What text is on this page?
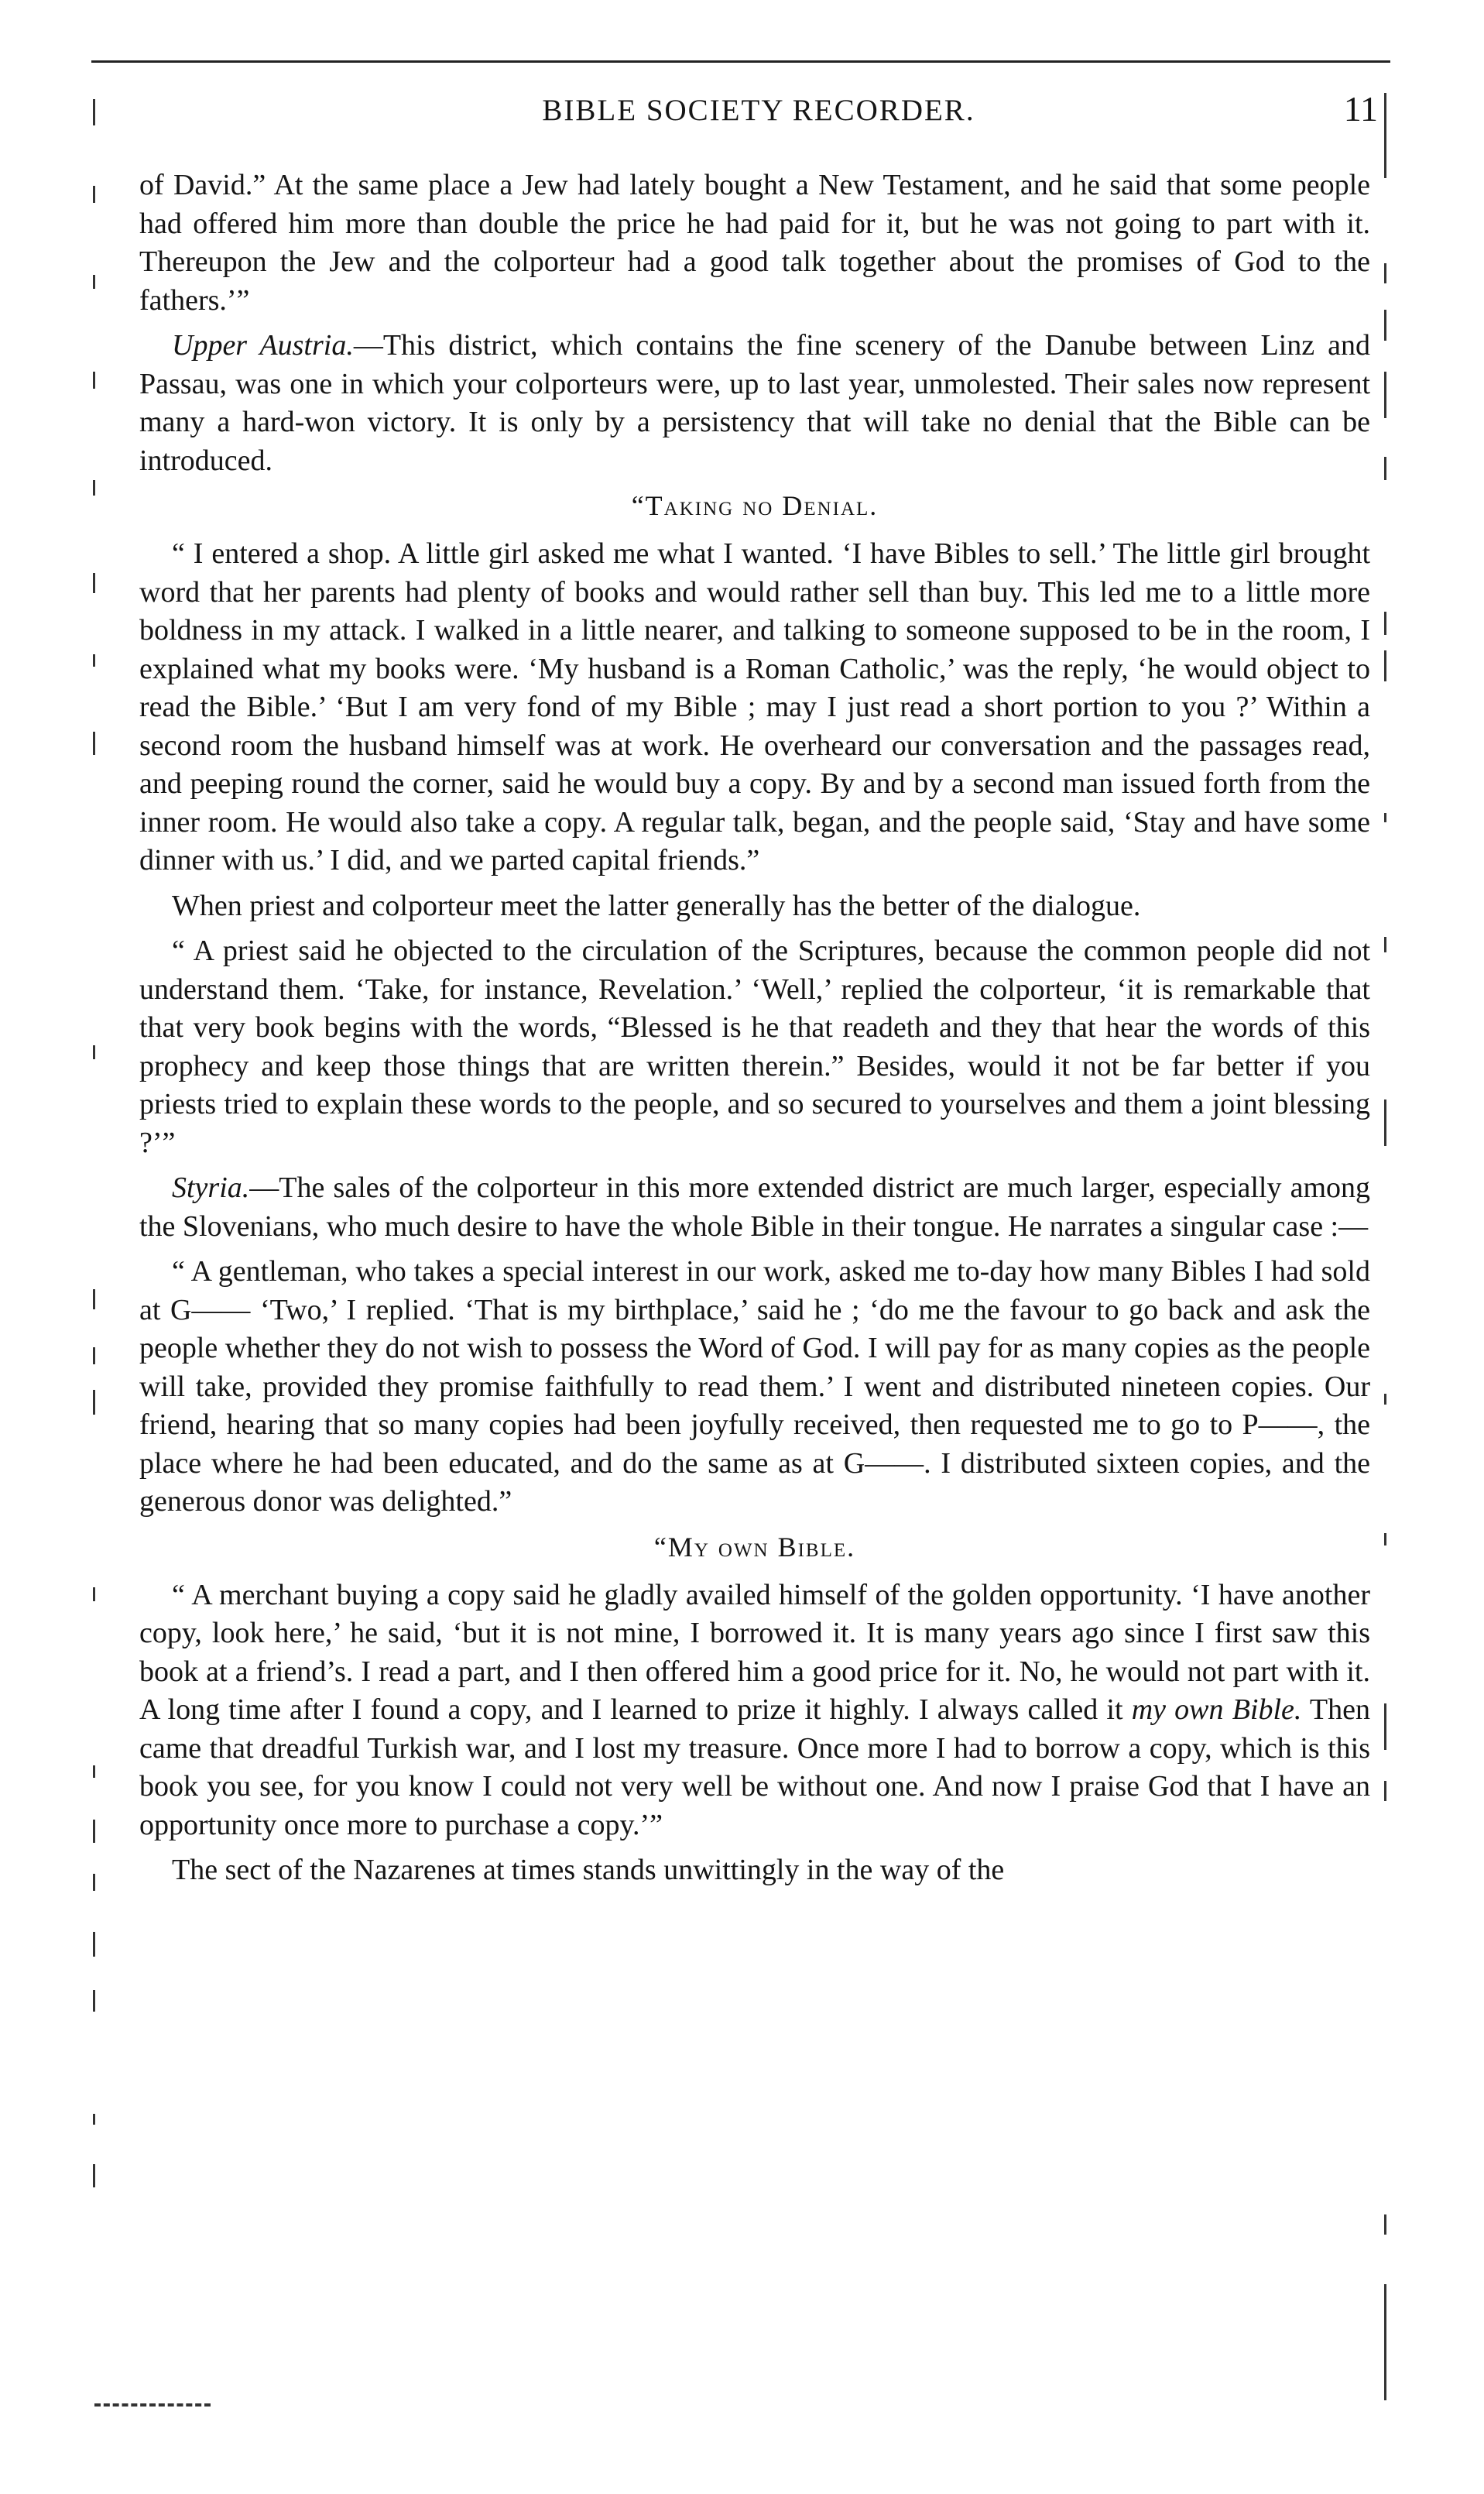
BIBLE SOCIETY RECORDER.	11

of David.” At the same place a Jew had lately bought a New Testament, and he said that some people had offered him more than double the price he had paid for it, but he was not going to part with it. Thereupon the Jew and the colporteur had a good talk together about the promises of God to the fathers.’”

Upper Austria.—This district, which contains the fine scenery of the Danube between Linz and Passau, was one in which your colporteurs were, up to last year, unmolested. Their sales now represent many a hard-won victory. It is only by a persistency that will take no denial that the Bible can be introduced.

“Taking no Denial.

“ I entered a shop. A little girl asked me what I wanted. ‘I have Bibles to sell.’ The little girl brought word that her parents had plenty of books and would rather sell than buy. This led me to a little more boldness in my attack. I walked in a little nearer, and talking to someone supposed to be in the room, I explained what my books were. ‘My husband is a Roman Catholic,’ was the reply, ‘he would object to read the Bible.’ ‘But I am very fond of my Bible ; may I just read a short portion to you ?’ Within a second room the husband himself was at work. He overheard our conversation and the passages read, and peeping round the corner, said he would buy a copy. By and by a second man issued forth from the inner room. He would also take a copy. A regular talk, began, and the people said, ‘Stay and have some dinner with us.’ I did, and we parted capital friends.”

When priest and colporteur meet the latter generally has the better of the dialogue.

“ A priest said he objected to the circulation of the Scriptures, because the common people did not understand them. ‘Take, for instance, Revelation.’ ‘Well,’ replied the colporteur, ‘it is remarkable that that very book begins with the words, “Blessed is he that readeth and they that hear the words of this prophecy and keep those things that are written therein.” Besides, would it not be far better if you priests tried to explain these words to the people, and so secured to yourselves and them a joint blessing ?’”

Styria.—The sales of the colporteur in this more extended district are much larger, especially among the Slovenians, who much desire to have the whole Bible in their tongue. He narrates a singular case :—

“ A gentleman, who takes a special interest in our work, asked me to-day how many Bibles I had sold at G—— ‘Two,’ I replied. ‘That is my birthplace,’ said he ; ‘do me the favour to go back and ask the people whether they do not wish to possess the Word of God. I will pay for as many copies as the people will take, provided they promise faithfully to read them.’ I went and distributed nineteen copies. Our friend, hearing that so many copies had been joyfully received, then requested me to go to P——, the place where he had been educated, and do the same as at G——. I distributed sixteen copies, and the generous donor was delighted.”

“My own Bible.

“ A merchant buying a copy said he gladly availed himself of the golden opportunity. ‘I have another copy, look here,’ he said, ‘but it is not mine, I borrowed it. It is many years ago since I first saw this book at a friend’s. I read a part, and I then offered him a good price for it. No, he would not part with it. A long time after I found a copy, and I learned to prize it highly. I always called it my own Bible. Then came that dreadful Turkish war, and I lost my treasure. Once more I had to borrow a copy, which is this book you see, for you know I could not very well be without one. And now I praise God that I have an opportunity once more to purchase a copy.’”

The sect of the Nazarenes at times stands unwittingly in the way of the
